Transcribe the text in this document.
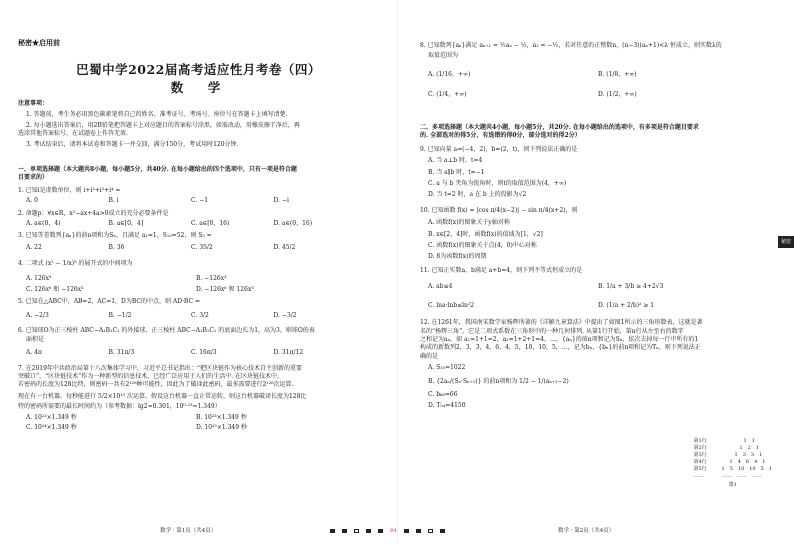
秘密★启用前
巴蜀中学2022届高考适应性月考卷（四）
数　学
注意事项：
1. 答题前，考生务必用黑色碳素笔将自己的姓名、准考证号、考场号、座位号在答题卡上填写清楚.
2. 每小题选出答案后，用2B铅笔把答题卡上对应题目的答案标号涂黑，如需改动，用橡皮擦干净后，再
选涂其他答案标号，在试题卷上作答无效.
3. 考试结束后，请将本试卷和答题卡一并交回，满分150分，考试用时120分钟.
一、单项选择题（本大题共8小题，每小题5分，共40分. 在每小题给出的四个选项中，只有一项是符合题
目要求的）
1. 已知i是虚数单位，则 i+i²+i³+i⁴ =
A. 0	B. i	C. −1	D. −i
2. 命题p：∀x∈R，x²−ax+4a>0成立的充分必要条件是
A. a∈(0，4)	B. a∈[0，4]	C. a∈[0，16)	D. a∈(0，16)
3. 已知等差数列{aₙ}的前n项和为Sₙ，且满足 a₁=1，S₁₃=52，则 S₃ =
A. 22	B. 36	C. 35/2	D. 45/2
4. 二项式 (x² − 1/x)⁹ 的展开式的中间项为
A. 126x³	B. −126x³
C. 126x⁶ 和 −126x³	D. −126x⁶ 和 126x³
5. 已知在△ABC中，AB=2，AC=1，D为BC的中点，则 AD·BC =
A. −2/3	B. −1/2	C. 3/2	D. −3/2
6. 已知球O为正三棱柱 ABC−A₁B₁C₁ 的外接球，正三棱柱 ABC−A₁B₁C₁ 的底面边长为1，高为3，则球O的表
面积是
A. 4π	B. 31π/3	C. 16π/3	D. 31π/12
7. 在2019年中共政治局第十八次集体学习中，习近平总书记指出：“把区块链作为核心技术自主创新的重要
突破口”，“区块链技术”作为一种新型的信息技术，已经广泛应用于人们的生活中. 在区块链技术中，
若密码的长度为128比特，则密码一共有2¹²⁸种可能性，因此为了破译此密码，最多需要进行2¹²⁸次运算.
现在有一台机器，每秒能进行 5/2×10¹⁵ 次运算，假设这台机器一直正常运转，则这台机器破译长度为128比
特的密码所需要的最长时间约为（参考数据：lg2≈0.301，10⁰·¹³≈1.349）
A. 10²²×1.349 秒	B. 10²³×1.349 秒
C. 10²⁴×1.349 秒	D. 10²⁵×1.349 秒
数学 · 第1页（共4页）	B4
8. 已知数列{aₙ}满足 aₙ₊₁ = ½aₙ − ½，a₁ = −½，若对任意的正整数n，(n−3)(aₙ+1)<λ 恒成立，则实数λ的
取值范围为
A. (1/16，+∞)	B. (1/8，+∞)
C. (1/4，+∞)	D. (1/2，+∞)
二、多项选择题（本大题共4小题，每小题5分，共20分. 在每小题给出的选项中，有多项是符合题目要求
的. 全部选对的得5分，有选错的得0分，部分选对的得2分）
9. 已知向量 a=(−4，2)，b=(2，t)，则下列说法正确的是
A. 当 a⊥b 时，t=4
B. 当 a∥b 时，t=−1
C. a 与 b 夹角为锐角时，则t的取值范围为(4，+∞)
D. 当 t=2 时，a 在 b 上的投影为√2
10. 已知函数 f(x) = |cos π/4(x−2)| − sin π/4(x+2)，则
A. 函数f(x)的图象关于y轴对称
B. x∈[2，4]时，函数f(x)的值域为[1，√2]
C. 函数f(x)的图象关于点(4，0)中心对称
D. 8为函数f(x)的周期
11. 已知正实数a，b满足 a+b=4，则下列不等式恒成立的是
A. ab≤4	B. 1/a + 3/b ≥ 4+2√3
C. lna·lnb≤ln²2	D. (1/a + 2/b)² ≥ 1
12. 在1261年，我国南宋数学家杨辉所著的《详解九章算法》中提出了如图1所示的三角形数表，这就是著
名的“杨辉三角”，它是二项式系数在三角形中的一种几何排列. 从第1行开始，第n行从左至右的数字
之和记为aₙ，如 a₁=1+1=2，a₂=1+2+1=4，…，{aₙ}的前n项和记为Sₙ，依次去掉每一行中所有的1
构成的新数列2，3，3，4，6，4，5，10，10，5，…，记为bₙ，{bₙ}的前n项和记为Tₙ，则下列说法正
确的是
A. S₁₀=1022
B. {2aₙ/(Sₙ·Sₙ₊₁)} 的前n项和为 1/2 − 1/(aₙ₊₁−2)
C. b₆₆=66
D. T₅₄=4150
数学 · 第2页（共4页）
第1行	1　1
第2行	1　2　1
第3行	1　3　3　1
第4行	1　4　6　4　1
第5行	1　5　10　10　5　1
……	……　……　……
图1
秘密
